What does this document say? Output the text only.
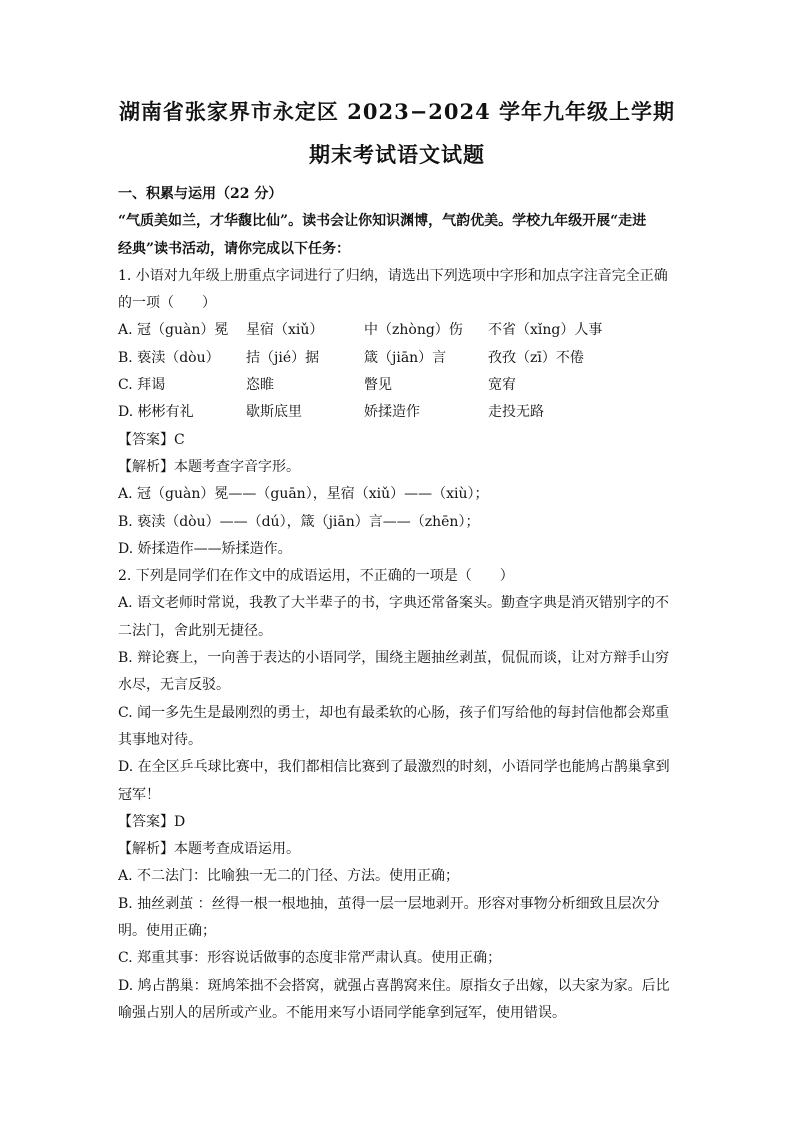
湖南省张家界市永定区 2023−2024 学年九年级上学期
期末考试语文试题
一、积累与运用（22 分）
“气质美如兰，才华馥比仙”。读书会让你知识渊博，气韵优美。学校九年级开展“走进
经典”读书活动，请你完成以下任务：
1. 小语对九年级上册重点字词进行了归纳，请选出下列选项中字形和加点字注音完全正确
的一项（　　）
A. 冠（guàn）冕	星宿（xiǔ）	中（zhòng）伤	不省（xǐng）人事
B. 亵渎（dòu）	拮（jié）据	箴（jiān）言	孜孜（zī）不倦
C. 拜谒	恣睢	瞥见	宽宥
D. 彬彬有礼	歇斯底里	娇揉造作	走投无路
【答案】C
【解析】本题考查字音字形。
A. 冠（guàn）冕——（guān），星宿（xiǔ）——（xiù）；
B. 亵渎（dòu）——（dú），箴（jiān）言——（zhēn）；
D. 娇揉造作——矫揉造作。
2. 下列是同学们在作文中的成语运用，不正确的一项是（　　）
A. 语文老师时常说，我教了大半辈子的书，字典还常备案头。勤查字典是消灭错别字的不
二法门，舍此别无捷径。
B. 辩论赛上，一向善于表达的小语同学，围绕主题抽丝剥茧，侃侃而谈，让对方辩手山穷
水尽，无言反驳。
C. 闻一多先生是最刚烈的勇士，却也有最柔软的心肠，孩子们写给他的每封信他都会郑重
其事地对待。
D. 在全区乒乓球比赛中，我们都相信比赛到了最激烈的时刻，小语同学也能鸠占鹊巢拿到
冠军！
【答案】D
【解析】本题考查成语运用。
A. 不二法门：比喻独一无二的门径、方法。使用正确；
B. 抽丝剥茧 ：丝得一根一根地抽，茧得一层一层地剥开。形容对事物分析细致且层次分
明。使用正确；
C. 郑重其事：形容说话做事的态度非常严肃认真。使用正确；
D. 鸠占鹊巢：斑鸠笨拙不会搭窝，就强占喜鹊窝来住。原指女子出嫁，以夫家为家。后比
喻强占别人的居所或产业。不能用来写小语同学能拿到冠军，使用错误。
